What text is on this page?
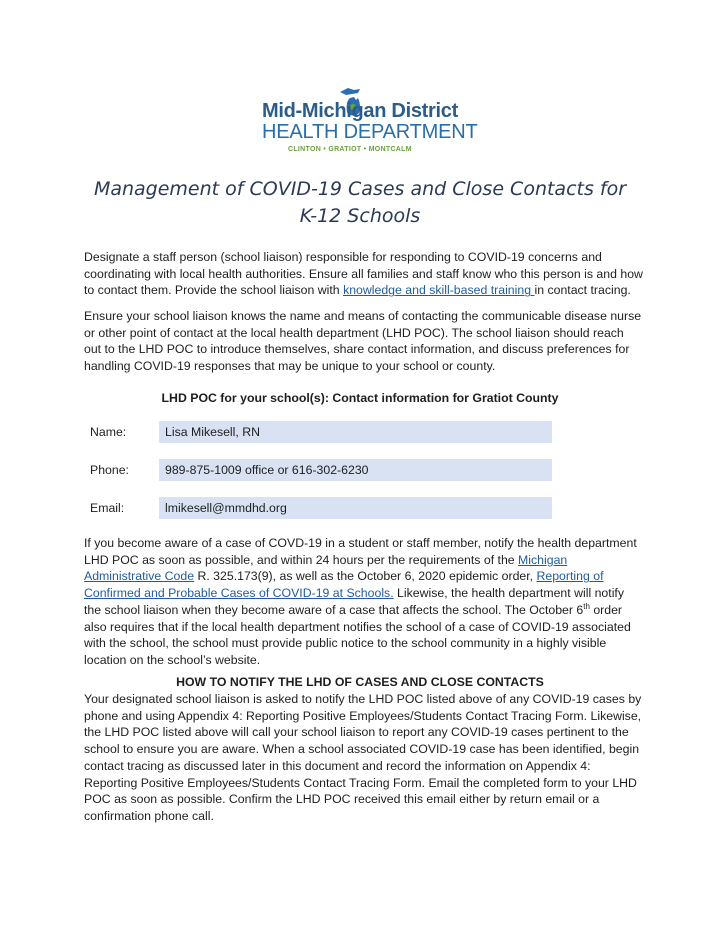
Mid-Michigan District
HEALTH DEPARTMENT
CLINTON • GRATIOT • MONTCALM
Management of COVID-19 Cases and Close Contacts for
K-12 Schools
Designate a staff person (school liaison) responsible for responding to COVID-19 concerns and coordinating with local health authorities. Ensure all families and staff know who this person is and how to contact them. Provide the school liaison with knowledge and skill-based training in contact tracing.
Ensure your school liaison knows the name and means of contacting the communicable disease nurse or other point of contact at the local health department (LHD POC). The school liaison should reach out to the LHD POC to introduce themselves, share contact information, and discuss preferences for handling COVID-19 responses that may be unique to your school or county.
LHD POC for your school(s): Contact information for Gratiot County
Name:	Lisa Mikesell, RN
Phone:	989-875-1009 office or 616-302-6230
Email:	lmikesell@mmdhd.org
If you become aware of a case of COVD-19 in a student or staff member, notify the health department LHD POC as soon as possible, and within 24 hours per the requirements of the Michigan Administrative Code R. 325.173(9), as well as the October 6, 2020 epidemic order, Reporting of Confirmed and Probable Cases of COVID-19 at Schools. Likewise, the health department will notify the school liaison when they become aware of a case that affects the school. The October 6th order also requires that if the local health department notifies the school of a case of COVID-19 associated with the school, the school must provide public notice to the school community in a highly visible location on the school’s website.
HOW TO NOTIFY THE LHD OF CASES AND CLOSE CONTACTS
Your designated school liaison is asked to notify the LHD POC listed above of any COVID-19 cases by phone and using Appendix 4: Reporting Positive Employees/Students Contact Tracing Form. Likewise, the LHD POC listed above will call your school liaison to report any COVID-19 cases pertinent to the school to ensure you are aware. When a school associated COVID-19 case has been identified, begin contact tracing as discussed later in this document and record the information on Appendix 4: Reporting Positive Employees/Students Contact Tracing Form. Email the completed form to your LHD POC as soon as possible. Confirm the LHD POC received this email either by return email or a confirmation phone call.
